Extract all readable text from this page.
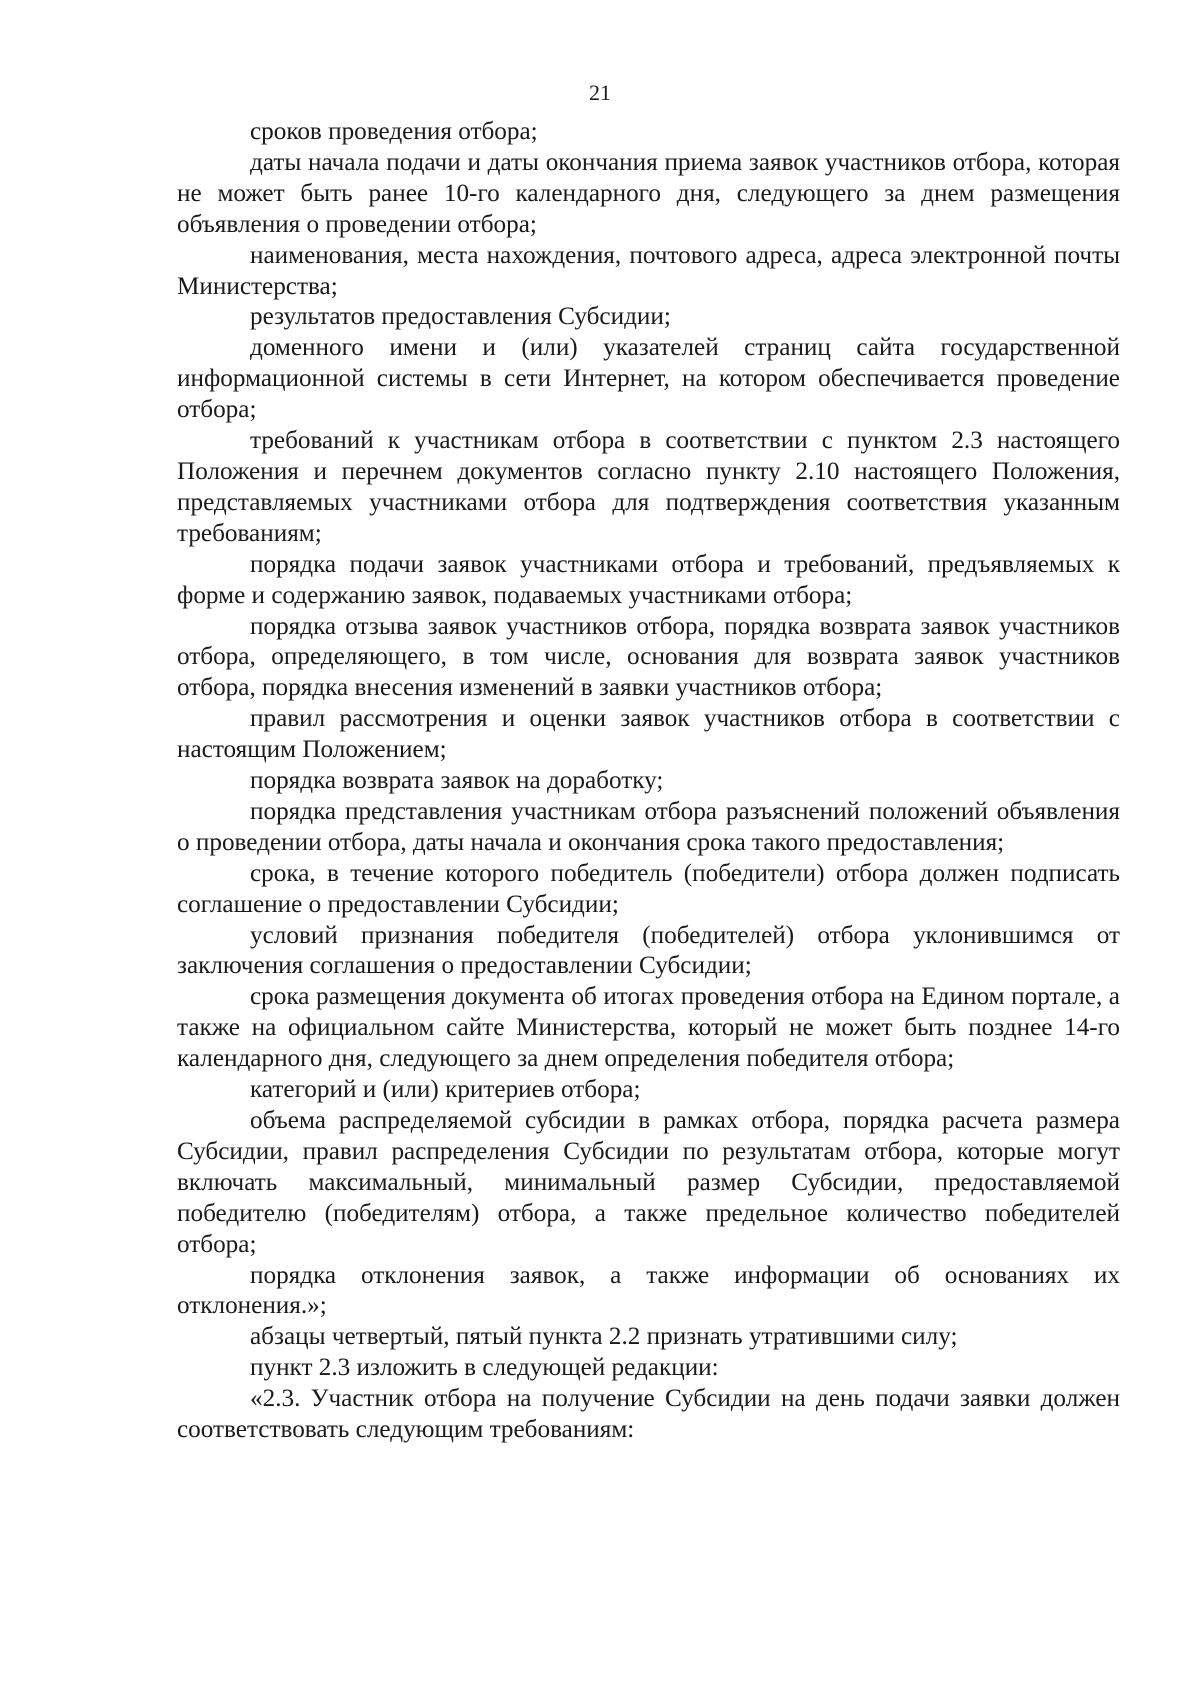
21

сроков проведения отбора;

даты начала подачи и даты окончания приема заявок участников отбора, которая не может быть ранее 10-го календарного дня, следующего за днем размещения объявления о проведении отбора;

наименования, места нахождения, почтового адреса, адреса электронной почты Министерства;

результатов предоставления Субсидии;

доменного имени и (или) указателей страниц сайта государственной информационной системы в сети Интернет, на котором обеспечивается проведение отбора;

требований к участникам отбора в соответствии с пунктом 2.3 настоящего Положения и перечнем документов согласно пункту 2.10 настоящего Положения, представляемых участниками отбора для подтверждения соответствия указанным требованиям;

порядка подачи заявок участниками отбора и требований, предъявляемых к форме и содержанию заявок, подаваемых участниками отбора;

порядка отзыва заявок участников отбора, порядка возврата заявок участников отбора, определяющего, в том числе, основания для возврата заявок участников отбора, порядка внесения изменений в заявки участников отбора;

правил рассмотрения и оценки заявок участников отбора в соответствии с настоящим Положением;

порядка возврата заявок на доработку;

порядка представления участникам отбора разъяснений положений объявления о проведении отбора, даты начала и окончания срока такого предоставления;

срока, в течение которого победитель (победители) отбора должен подписать соглашение о предоставлении Субсидии;

условий признания победителя (победителей) отбора уклонившимся от заключения соглашения о предоставлении Субсидии;

срока размещения документа об итогах проведения отбора на Едином портале, а также на официальном сайте Министерства, который не может быть позднее 14-го календарного дня, следующего за днем определения победителя отбора;

категорий и (или) критериев отбора;

объема распределяемой субсидии в рамках отбора, порядка расчета размера Субсидии, правил распределения Субсидии по результатам отбора, которые могут включать максимальный, минимальный размер Субсидии, предоставляемой победителю (победителям) отбора, а также предельное количество победителей отбора;

порядка отклонения заявок, а также информации об основаниях их отклонения.»;

абзацы четвертый, пятый пункта 2.2 признать утратившими силу;

пункт 2.3 изложить в следующей редакции:

«2.3. Участник отбора на получение Субсидии на день подачи заявки должен соответствовать следующим требованиям:
